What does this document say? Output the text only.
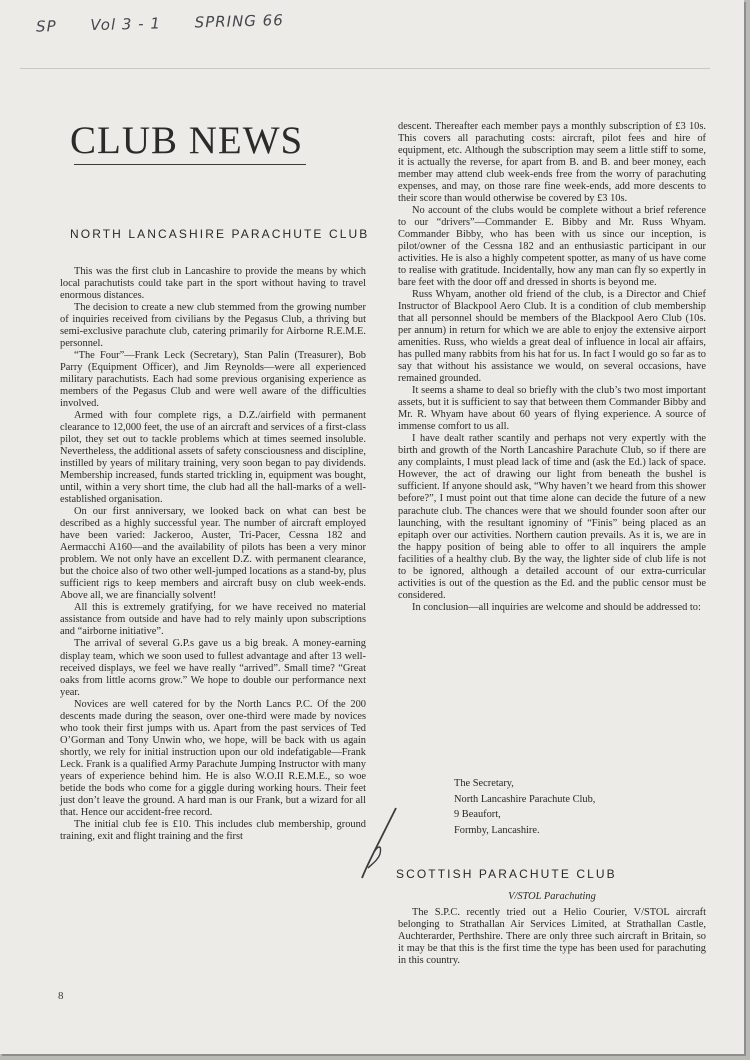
SP Vol 3 - 1 SPRING 66
CLUB NEWS
NORTH LANCASHIRE PARACHUTE CLUB

This was the first club in Lancashire to provide the means by which local parachutists could take part in the sport without having to travel enormous distances.

The decision to create a new club stemmed from the growing number of inquiries received from civilians by the Pegasus Club, a thriving but semi-exclusive parachute club, catering primarily for Airborne R.E.M.E. personnel.

“The Four”—Frank Leck (Secretary), Stan Palin (Treasurer), Bob Parry (Equipment Officer), and Jim Reynolds—were all experienced military parachutists. Each had some previous organising experience as members of the Pegasus Club and were well aware of the difficulties involved.

Armed with four complete rigs, a D.Z./airfield with permanent clearance to 12,000 feet, the use of an aircraft and services of a first-class pilot, they set out to tackle problems which at times seemed insoluble. Nevertheless, the additional assets of safety consciousness and discipline, instilled by years of military training, very soon began to pay dividends. Membership increased, funds started trickling in, equipment was bought, until, within a very short time, the club had all the hall-marks of a well-established organisation.

On our first anniversary, we looked back on what can best be described as a highly successful year. The number of aircraft employed have been varied: Jackeroo, Auster, Tri-Pacer, Cessna 182 and Aermacchi A160—and the availability of pilots has been a very minor problem. We not only have an excellent D.Z. with permanent clearance, but the choice also of two other well-jumped locations as a stand-by, plus sufficient rigs to keep members and aircraft busy on club week-ends. Above all, we are financially solvent!

All this is extremely gratifying, for we have received no material assistance from outside and have had to rely mainly upon subscriptions and “airborne initiative”.

The arrival of several G.P.s gave us a big break. A money-earning display team, which we soon used to fullest advantage and after 13 well-received displays, we feel we have really “arrived”. Small time? “Great oaks from little acorns grow.” We hope to double our performance next year.

Novices are well catered for by the North Lancs P.C. Of the 200 descents made during the season, over one-third were made by novices who took their first jumps with us. Apart from the past services of Ted O’Gorman and Tony Unwin who, we hope, will be back with us again shortly, we rely for initial instruction upon our old indefatigable—Frank Leck. Frank is a qualified Army Parachute Jumping Instructor with many years of experience behind him. He is also W.O.II R.E.M.E., so woe betide the bods who come for a giggle during working hours. Their feet just don’t leave the ground. A hard man is our Frank, but a wizard for all that. Hence our accident-free record.

The initial club fee is £10. This includes club membership, ground training, exit and flight training and the first

descent. Thereafter each member pays a monthly subscription of £3 10s. This covers all parachuting costs: aircraft, pilot fees and hire of equipment, etc. Although the subscription may seem a little stiff to some, it is actually the reverse, for apart from B. and B. and beer money, each member may attend club week-ends free from the worry of parachuting expenses, and may, on those rare fine week-ends, add more descents to their score than would otherwise be covered by £3 10s.

No account of the clubs would be complete without a brief reference to our “drivers”—Commander E. Bibby and Mr. Russ Whyam. Commander Bibby, who has been with us since our inception, is pilot/owner of the Cessna 182 and an enthusiastic participant in our activities. He is also a highly competent spotter, as many of us have come to realise with gratitude. Incidentally, how any man can fly so expertly in bare feet with the door off and dressed in shorts is beyond me.

Russ Whyam, another old friend of the club, is a Director and Chief Instructor of Blackpool Aero Club. It is a condition of club membership that all personnel should be members of the Blackpool Aero Club (10s. per annum) in return for which we are able to enjoy the extensive airport amenities. Russ, who wields a great deal of influence in local air affairs, has pulled many rabbits from his hat for us. In fact I would go so far as to say that without his assistance we would, on several occasions, have remained grounded.

It seems a shame to deal so briefly with the club’s two most important assets, but it is sufficient to say that between them Commander Bibby and Mr. R. Whyam have about 60 years of flying experience. A source of immense comfort to us all.

I have dealt rather scantily and perhaps not very expertly with the birth and growth of the North Lancashire Parachute Club, so if there are any complaints, I must plead lack of time and (ask the Ed.) lack of space. However, the act of drawing our light from beneath the bushel is sufficient. If anyone should ask, “Why haven’t we heard from this shower before?”, I must point out that time alone can decide the future of a new parachute club. The chances were that we should founder soon after our launching, with the resultant ignominy of “Finis” being placed as an epitaph over our activities. Northern caution prevails. As it is, we are in the happy position of being able to offer to all inquirers the ample facilities of a healthy club. By the way, the lighter side of club life is not to be ignored, although a detailed account of our extra-curricular activities is out of the question as the Ed. and the public censor must be considered.

In conclusion—all inquiries are welcome and should be addressed to:

The Secretary,
North Lancashire Parachute Club,
9 Beaufort,
Formby, Lancashire.
SCOTTISH PARACHUTE CLUB
V/STOL Parachuting

The S.P.C. recently tried out a Helio Courier, V/STOL aircraft belonging to Strathallan Air Services Limited, at Strathallan Castle, Auchterarder, Perthshire. There are only three such aircraft in Britain, so it may be that this is the first time the type has been used for parachuting in this country.

8
